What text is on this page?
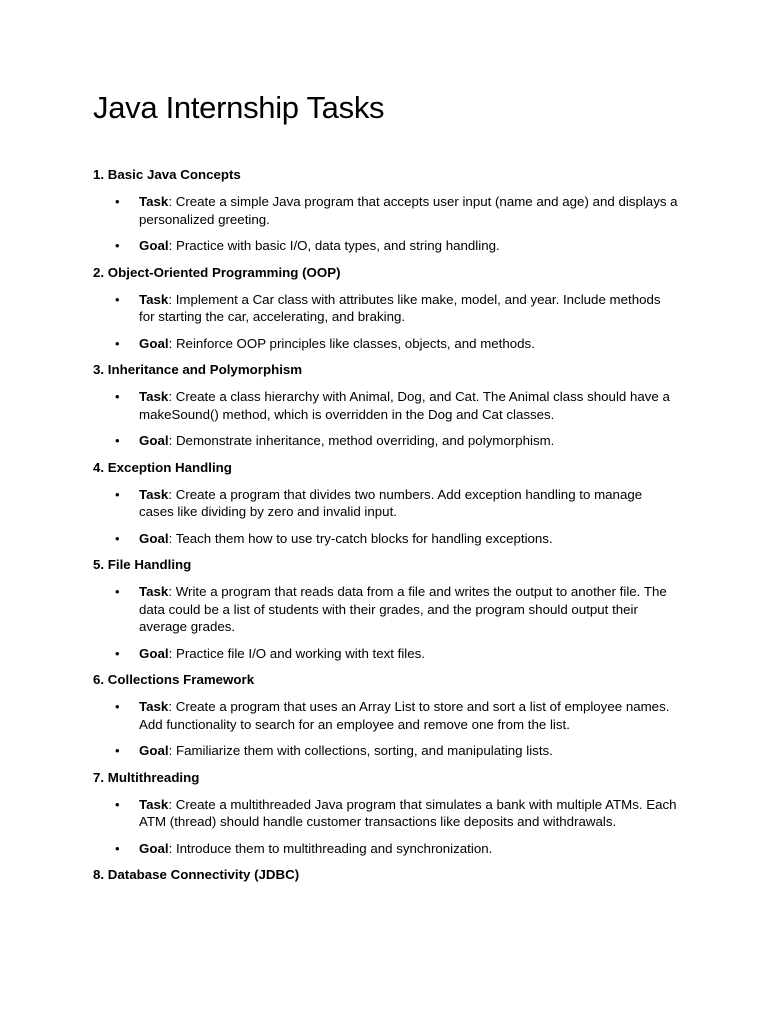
Java Internship Tasks
1. Basic Java Concepts
• Task: Create a simple Java program that accepts user input (name and age) and displays a personalized greeting.
• Goal: Practice with basic I/O, data types, and string handling.
2. Object-Oriented Programming (OOP)
• Task: Implement a Car class with attributes like make, model, and year. Include methods for starting the car, accelerating, and braking.
• Goal: Reinforce OOP principles like classes, objects, and methods.
3. Inheritance and Polymorphism
• Task: Create a class hierarchy with Animal, Dog, and Cat. The Animal class should have a makeSound() method, which is overridden in the Dog and Cat classes.
• Goal: Demonstrate inheritance, method overriding, and polymorphism.
4. Exception Handling
• Task: Create a program that divides two numbers. Add exception handling to manage cases like dividing by zero and invalid input.
• Goal: Teach them how to use try-catch blocks for handling exceptions.
5. File Handling
• Task: Write a program that reads data from a file and writes the output to another file. The data could be a list of students with their grades, and the program should output their average grades.
• Goal: Practice file I/O and working with text files.
6. Collections Framework
• Task: Create a program that uses an Array List to store and sort a list of employee names. Add functionality to search for an employee and remove one from the list.
• Goal: Familiarize them with collections, sorting, and manipulating lists.
7. Multithreading
• Task: Create a multithreaded Java program that simulates a bank with multiple ATMs. Each ATM (thread) should handle customer transactions like deposits and withdrawals.
• Goal: Introduce them to multithreading and synchronization.
8. Database Connectivity (JDBC)
